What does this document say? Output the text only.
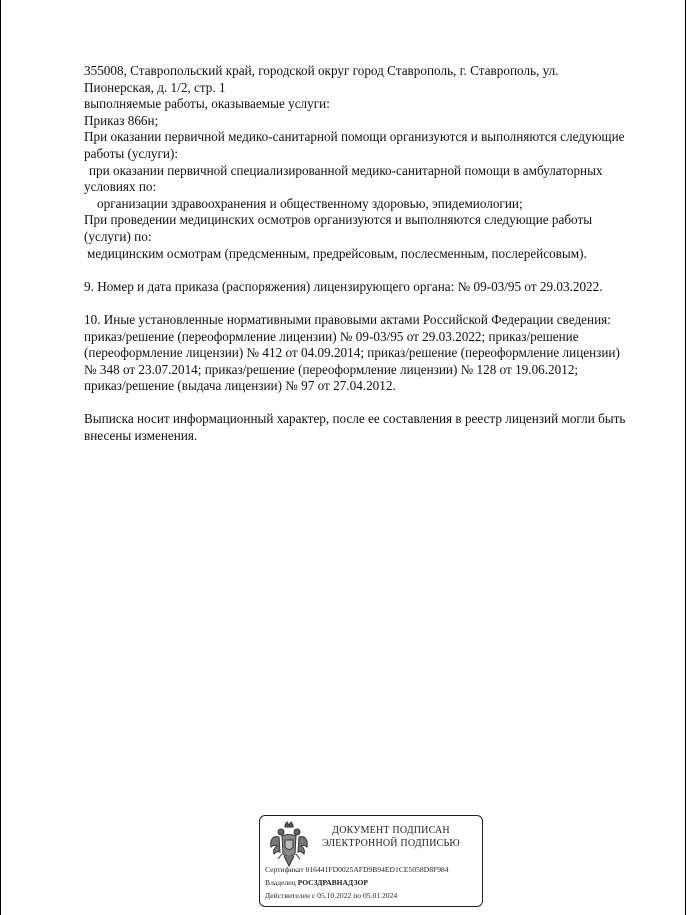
355008, Ставропольский край, городской округ город Ставрополь, г. Ставрополь, ул.
Пионерская, д. 1/2, стр. 1
выполняемые работы, оказываемые услуги:
Приказ 866н;
При оказании первичной медико-санитарной помощи организуются и выполняются следующие
работы (услуги):
при оказании первичной специализированной медико-санитарной помощи в амбулаторных
условиях по:
организации здравоохранения и общественному здоровью, эпидемиологии;
При проведении медицинских осмотров организуются и выполняются следующие работы
(услуги) по:
медицинским осмотрам (предсменным, предрейсовым, послесменным, послерейсовым).
9. Номер и дата приказа (распоряжения) лицензирующего органа: № 09-03/95 от 29.03.2022.
10. Иные установленные нормативными правовыми актами Российской Федерации сведения:
приказ/решение (переоформление лицензии) № 09-03/95 от 29.03.2022; приказ/решение
(переоформление лицензии) № 412 от 04.09.2014; приказ/решение (переоформление лицензии)
№ 348 от 23.07.2014; приказ/решение (переоформление лицензии) № 128 от 19.06.2012;
приказ/решение (выдача лицензии) № 97 от 27.04.2012.
Выписка носит информационный характер, после ее составления в реестр лицензий могли быть
внесены изменения.
ДОКУМЕНТ ПОДПИСАН
ЭЛЕКТРОННОЙ ПОДПИСЬЮ
Сертификат 016441FD0025AFD9B94ED1CE5058D8F984
Владелец РОСЗДРАВНАДЗОР
Действителен с 05.10.2022 по 05.01.2024
